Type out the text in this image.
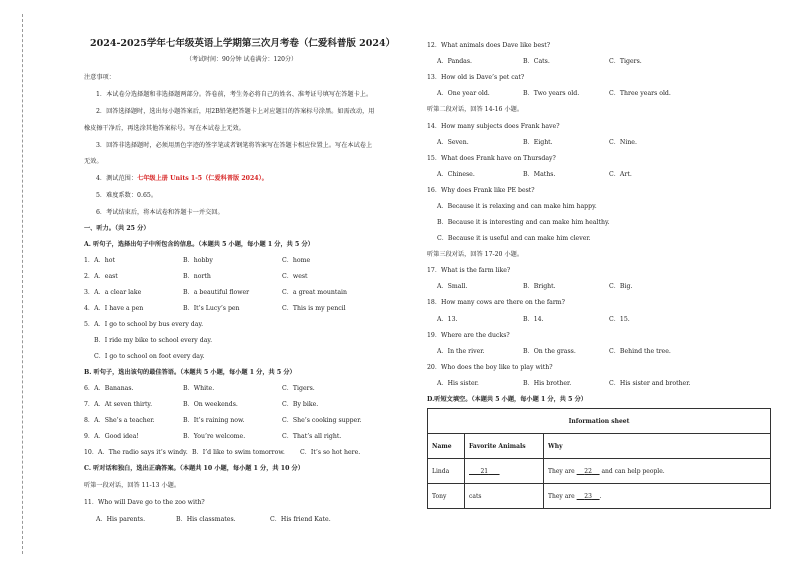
2024-2025学年七年级英语上学期第三次月考卷（仁爱科普版 2024）
（考试时间：90分钟 试卷满分：120分）
注意事项：
1．本试卷分选择题和非选择题两部分。答卷前，考生务必将自己的姓名、准考证号填写在答题卡上。
2．回答选择题时，选出每小题答案后，用2B铅笔把答题卡上对应题目的答案标号涂黑。如需改动，用
橡皮擦干净后，再选涂其他答案标号。写在本试卷上无效。
3．回答非选择题时，必须用黑色字迹的签字笔或者钢笔将答案写在答题卡相应位置上。写在本试卷上
无效。
4．测试范围：七年级上册 Units 1-5（仁爱科普版 2024）。
5．难度系数：0.65。
6．考试结束后，将本试卷和答题卡一并交回。
一、听力。（共 25 分）
A. 听句子，选择出句子中所包含的信息。（本题共 5 小题，每小题 1 分，共 5 分）
1．A．hot	B．hobby	C．home
2．A．east	B．north	C．west
3．A．a clear lake	B．a beautiful flower	C．a great mountain
4．A．I have a pen	B．It’s Lucy’s pen	C．This is my pencil
5．A．I go to school by bus every day.
B．I ride my bike to school every day.
C．I go to school on foot every day.
B. 听句子，选出该句的最佳答语。（本题共 5 小题，每小题 1 分，共 5 分）
6．A．Bananas.	B．White.	C．Tigers.
7．A．At seven thirty.	B．On weekends.	C．By bike.
8．A．She’s a teacher.	B．It’s raining now.	C．She’s cooking supper.
9．A．Good idea!	B．You’re welcome.	C．That’s all right.
10．A．The radio says it’s windy. B．I’d like to swim tomorrow. C．It’s so hot here.
C. 听对话和独白，选出正确答案。（本题共 10 小题，每小题 1 分，共 10 分）
听第一段对话，回答 11-13 小题。
11．Who will Dave go to the zoo with?
A．His parents.	B．His classmates.	C．His friend Kate.
12．What animals does Dave like best?
A．Pandas.	B．Cats.	C．Tigers.
13．How old is Dave’s pet cat?
A．One year old.	B．Two years old.	C．Three years old.
听第二段对话，回答 14-16 小题。
14．How many subjects does Frank have?
A．Seven.	B．Eight.	C．Nine.
15．What does Frank have on Thursday?
A．Chinese.	B．Maths.	C．Art.
16．Why does Frank like PE best?
A．Because it is relaxing and can make him happy.
B．Because it is interesting and can make him healthy.
C．Because it is useful and can make him clever.
听第三段对话，回答 17-20 小题。
17．What is the farm like?
A．Small.	B．Bright.	C．Big.
18．How many cows are there on the farm?
A．13.	B．14.	C．15.
19．Where are the ducks?
A．In the river.	B．On the grass.	C．Behind the tree.
20．Who does the boy like to play with?
A．His sister.	B．His brother.	C．His sister and brother.
D.听短文填空。（本题共 5 小题，每小题 1 分，共 5 分）
Information sheet		
Name	Favorite Animals	Why
Linda	21	They are 22 and can help people.
Tony	cats	They are 23 .
